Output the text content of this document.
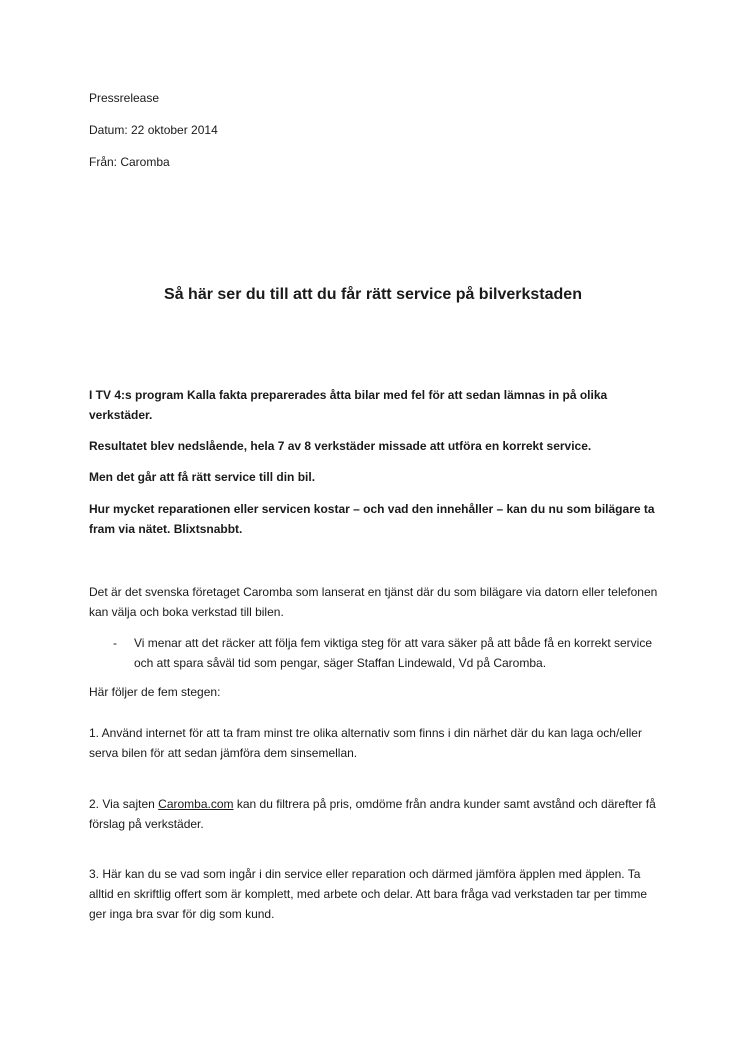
Pressrelease

Datum: 22 oktober 2014

Från: Caromba

Så här ser du till att du får rätt service på bilverkstaden

I TV 4:s program Kalla fakta preparerades åtta bilar med fel för att sedan lämnas in på olika verkstäder.

Resultatet blev nedslående, hela 7 av 8 verkstäder missade att utföra en korrekt service.

Men det går att få rätt service till din bil.

Hur mycket reparationen eller servicen kostar – och vad den innehåller – kan du nu som bilägare ta fram via nätet. Blixtsnabbt.

Det är det svenska företaget Caromba som lanserat en tjänst där du som bilägare via datorn eller telefonen kan välja och boka verkstad till bilen.

- Vi menar att det räcker att följa fem viktiga steg för att vara säker på att både få en korrekt service och att spara såväl tid som pengar, säger Staffan Lindewald, Vd på Caromba.

Här följer de fem stegen:

1. Använd internet för att ta fram minst tre olika alternativ som finns i din närhet där du kan laga och/eller serva bilen för att sedan jämföra dem sinsemellan.

2. Via sajten Caromba.com kan du filtrera på pris, omdöme från andra kunder samt avstånd och därefter få förslag på verkstäder.

3. Här kan du se vad som ingår i din service eller reparation och därmed jämföra äpplen med äpplen. Ta alltid en skriftlig offert som är komplett, med arbete och delar. Att bara fråga vad verkstaden tar per timme ger inga bra svar för dig som kund.
